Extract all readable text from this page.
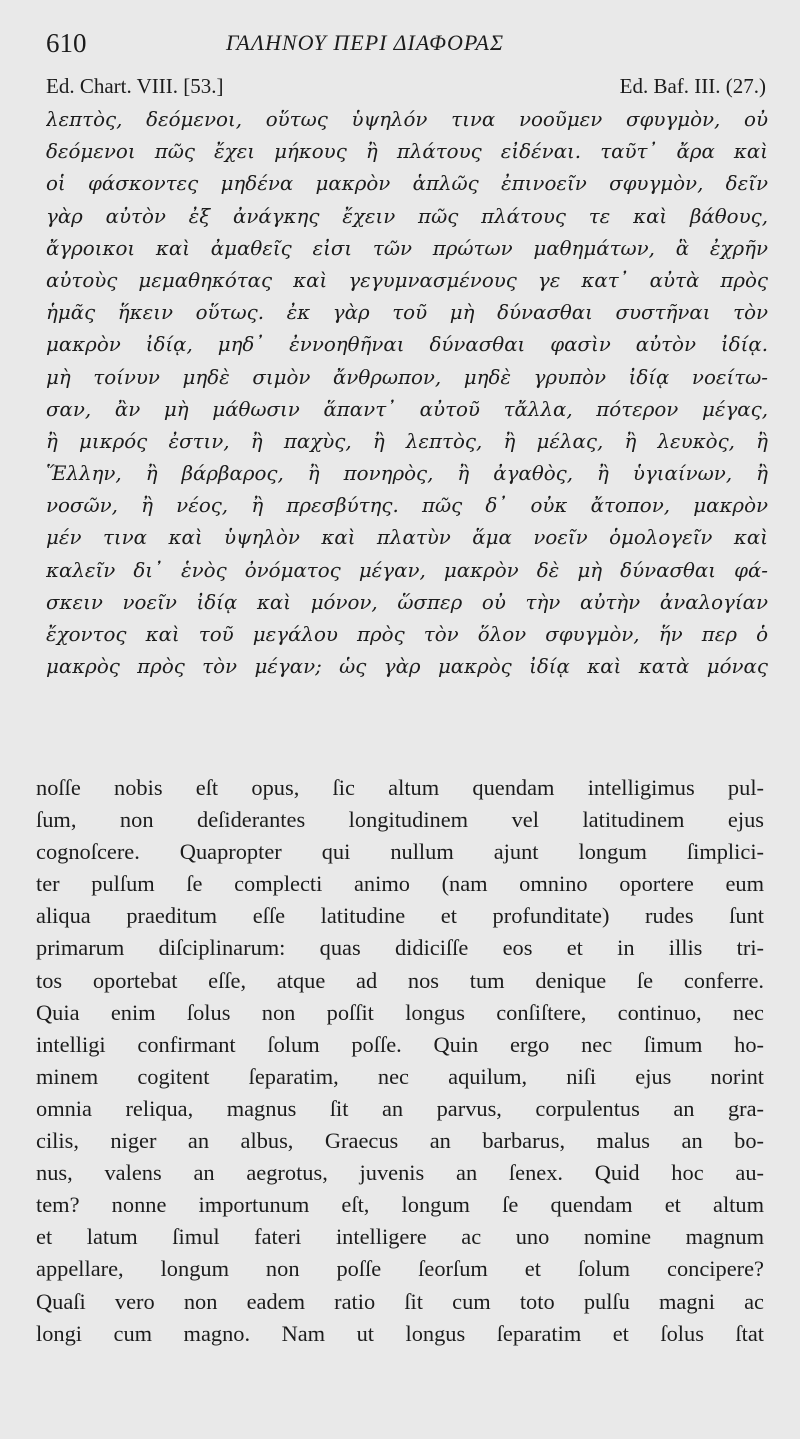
610	ΓΑΛΗΝΟΥ ΠΕΡΙ ΔΙΑΦΟΡΑΣ
Ed. Chart. VIII. [53.]	Ed. Baf. III. (27.)
λεπτὸς, δεόμενοι, οὕτως ὑψηλόν τινα νοοῦμεν σφυγμὸν, οὐ
δεόμενοι πῶς ἔχει μήκους ἢ πλάτους εἰδέναι. ταῦτ᾽ ἄρα καὶ
οἱ φάσκοντες μηδένα μακρὸν ἁπλῶς ἐπινοεῖν σφυγμὸν, δεῖν
γὰρ αὐτὸν ἐξ ἀνάγκης ἔχειν πῶς πλάτους τε καὶ βάθους,
ἄγροικοι καὶ ἀμαθεῖς εἰσι τῶν πρώτων μαθημάτων, ἃ ἐχρῆν
αὐτοὺς μεμαθηκότας καὶ γεγυμνασμένους γε κατ᾽ αὐτὰ πρὸς
ἡμᾶς ἥκειν οὕτως. ἐκ γὰρ τοῦ μὴ δύνασθαι συστῆναι τὸν
μακρὸν ἰδίᾳ, μηδ᾽ ἐννοηθῆναι δύνασθαι φασὶν αὐτὸν ἰδίᾳ.
μὴ τοίνυν μηδὲ σιμὸν ἄνθρωπον, μηδὲ γρυπὸν ἰδίᾳ νοείτω-
σαν, ἂν μὴ μάθωσιν ἅπαντ᾽ αὐτοῦ τἄλλα, πότερον μέγας,
ἢ μικρός ἐστιν, ἢ παχὺς, ἢ λεπτὸς, ἢ μέλας, ἢ λευκὸς, ἢ
Ἕλλην, ἢ βάρβαρος, ἢ πονηρὸς, ἢ ἀγαθὸς, ἢ ὑγιαίνων, ἢ
νοσῶν, ἢ νέος, ἢ πρεσβύτης. πῶς δ᾽ οὐκ ἄτοπον, μακρὸν
μέν τινα καὶ ὑψηλὸν καὶ πλατὺν ἅμα νοεῖν ὁμολογεῖν καὶ
καλεῖν δι᾽ ἑνὸς ὀνόματος μέγαν, μακρὸν δὲ μὴ δύνασθαι φά-
σκειν νοεῖν ἰδίᾳ καὶ μόνον, ὥσπερ οὐ τὴν αὐτὴν ἀναλογίαν
ἔχοντος καὶ τοῦ μεγάλου πρὸς τὸν ὅλον σφυγμὸν, ἥν περ ὁ
μακρὸς πρὸς τὸν μέγαν; ὡς γὰρ μακρὸς ἰδίᾳ καὶ κατὰ μόνας
noſſe nobis eſt opus, ſic altum quendam intelligimus pul-
ſum, non deſiderantes longitudinem vel latitudinem ejus
cognoſcere. Quapropter qui nullum ajunt longum ſimplici-
ter pulſum ſe complecti animo (nam omnino oportere eum
aliqua praeditum eſſe latitudine et profunditate) rudes ſunt
primarum diſciplinarum: quas didiciſſe eos et in illis tri-
tos oportebat eſſe, atque ad nos tum denique ſe conferre.
Quia enim ſolus non poſſit longus conſiſtere, continuo, nec
intelligi confirmant ſolum poſſe. Quin ergo nec ſimum ho-
minem cogitent ſeparatim, nec aquilum, niſi ejus norint
omnia reliqua, magnus ſit an parvus, corpulentus an gra-
cilis, niger an albus, Graecus an barbarus, malus an bo-
nus, valens an aegrotus, juvenis an ſenex. Quid hoc au-
tem? nonne importunum eſt, longum ſe quendam et altum
et latum ſimul fateri intelligere ac uno nomine magnum
appellare, longum non poſſe ſeorſum et ſolum concipere?
Quaſi vero non eadem ratio ſit cum toto pulſu magni ac
longi cum magno. Nam ut longus ſeparatim et ſolus ſtat
